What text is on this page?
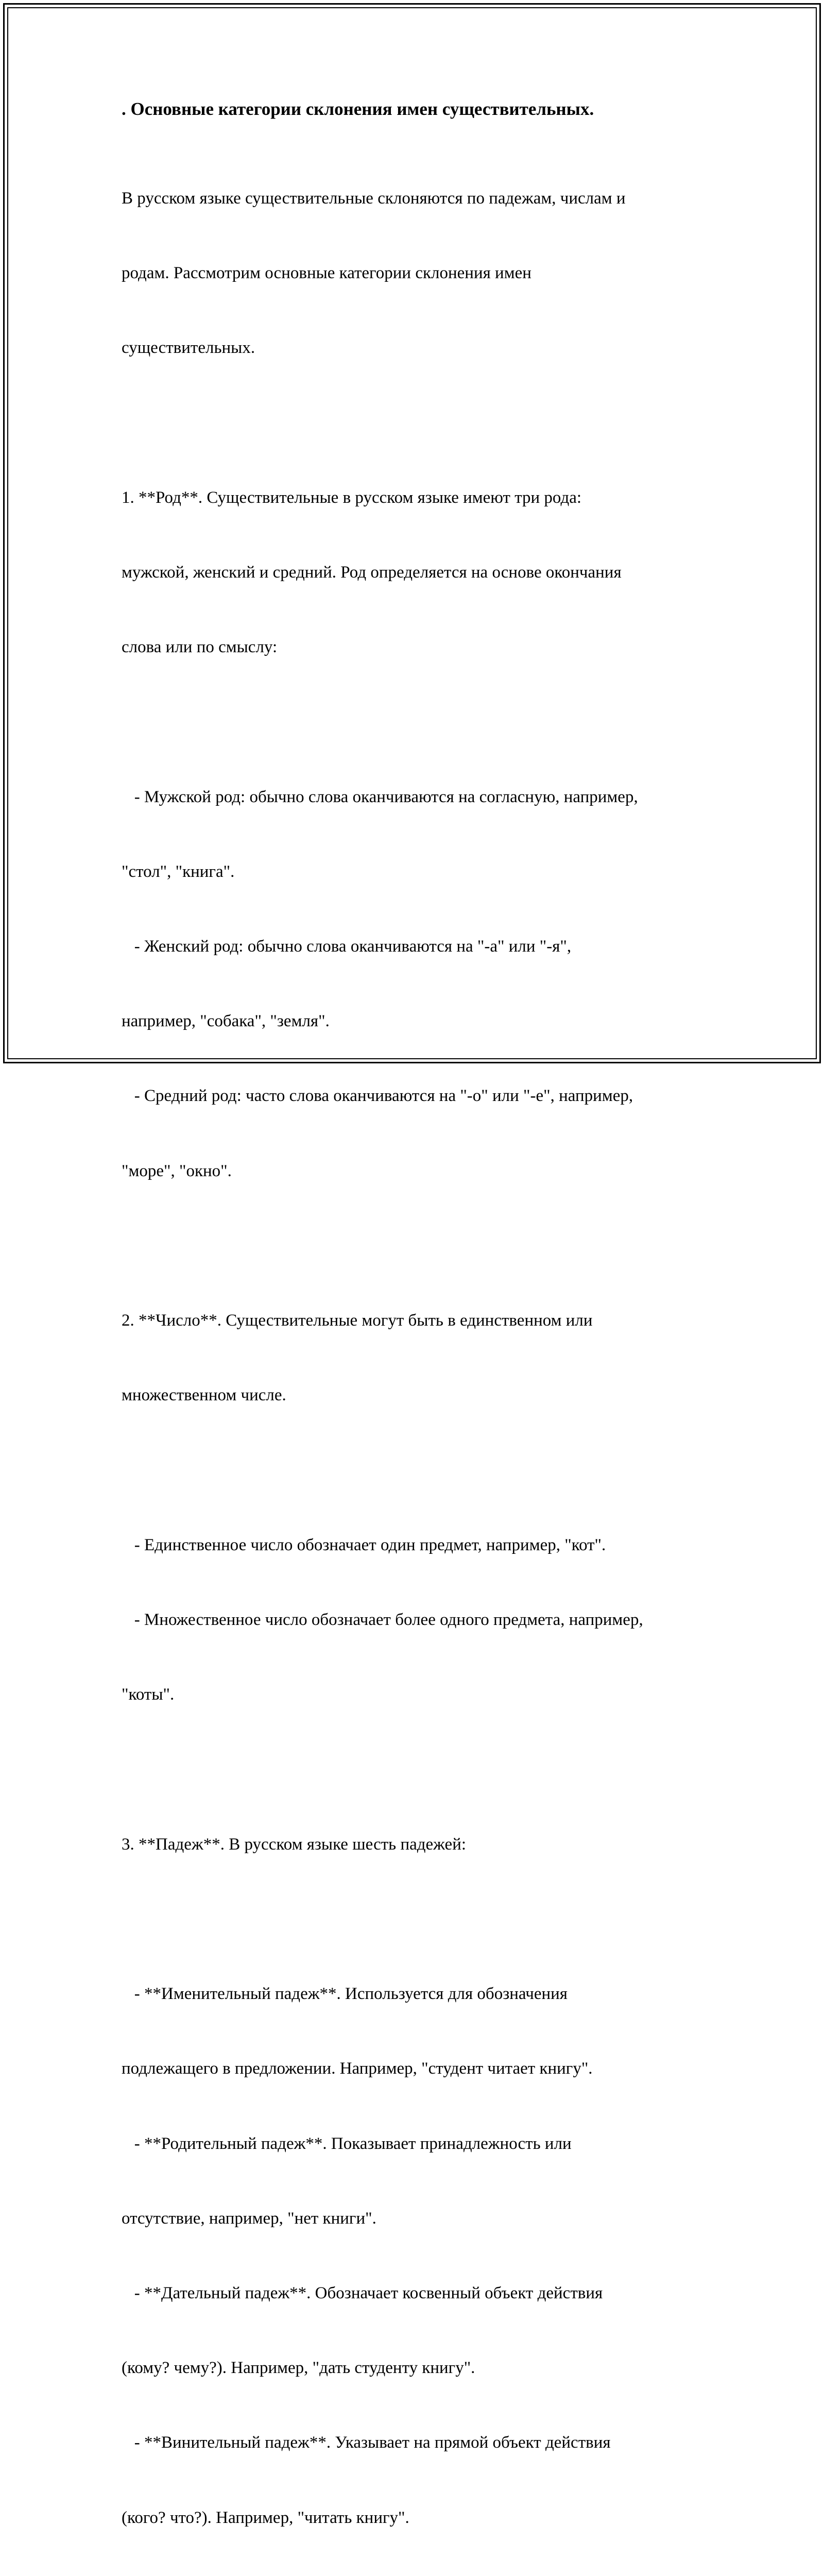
. Основные категории склонения имен существительных.

В русском языке существительные склоняются по падежам, числам и

родам. Рассмотрим основные категории склонения имен

существительных.

1. **Род**. Существительные в русском языке имеют три рода:

мужской, женский и средний. Род определяется на основе окончания

слова или по смыслу:

- Мужской род: обычно слова оканчиваются на согласную, например,

"стол", "книга".

- Женский род: обычно слова оканчиваются на "-а" или "-я",

например, "собака", "земля".

- Средний род: часто слова оканчиваются на "-о" или "-е", например,

"море", "окно".

2. **Число**. Существительные могут быть в единственном или

множественном числе.

- Единственное число обозначает один предмет, например, "кот".

- Множественное число обозначает более одного предмета, например,

"коты".

3. **Падеж**. В русском языке шесть падежей:

- **Именительный падеж**. Используется для обозначения

подлежащего в предложении. Например, "студент читает книгу".

- **Родительный падеж**. Показывает принадлежность или

отсутствие, например, "нет книги".

- **Дательный падеж**. Обозначает косвенный объект действия

(кому? чему?). Например, "дать студенту книгу".

- **Винительный падеж**. Указывает на прямой объект действия

(кого? что?). Например, "читать книгу".
